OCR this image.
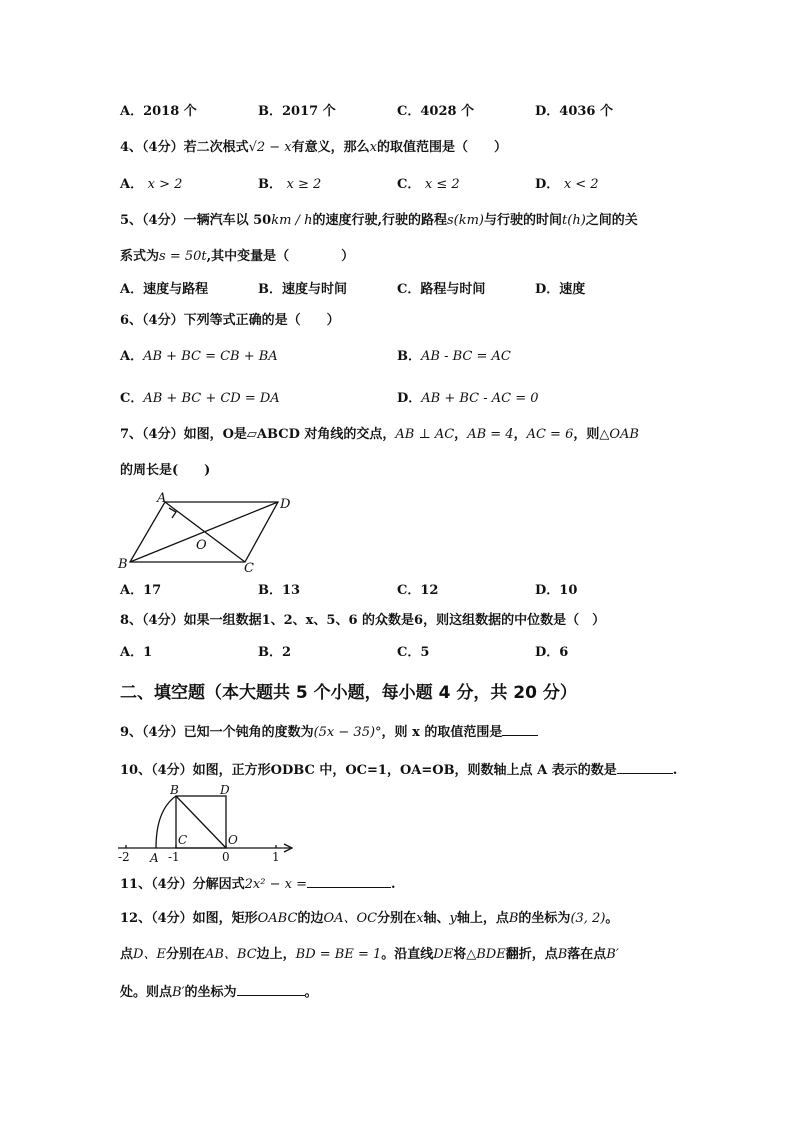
A．2018 个	B．2017 个	C．4028 个	D．4036 个
4、（4分）若二次根式√2 − x有意义，那么x的取值范围是（　　）
A． x > 2	B． x ≥ 2	C． x ≤ 2	D． x < 2
5、（4分）一辆汽车以 50km / h的速度行驶,行驶的路程s(km)与行驶的时间t(h)之间的关
系式为s = 50t,其中变量是（　　　　）
A．速度与路程	B．速度与时间	C．路程与时间	D．速度
6、（4分）下列等式正确的是（　　）
A．AB + BC = CB + BA	B．AB - BC = AC
C．AB + BC + CD = DA	D．AB + BC - AC = 0
7、（4分）如图，O是▱ABCD 对角线的交点，AB ⊥ AC，AB = 4，AC = 6，则△OAB
的周长是(　　)
A	D
B	C
O
A．17	B．13	C．12	D．10
8、（4分）如果一组数据1、2、x、5、6 的众数是6，则这组数据的中位数是（　）
A．1	B．2	C．5	D．6
二、填空题（本大题共 5 个小题，每小题 4 分，共 20 分）
9、（4分）已知一个钝角的度数为(5x − 35)°，则 x 的取值范围是
10、（4分）如图，正方形ODBC 中，OC=1，OA=OB，则数轴上点 A 表示的数是	.
B	D
C	O
A
-2	-1	0	1
11、（4分）分解因式2x² − x =	.
12、（4分）如图，矩形OABC的边OA、OC分别在x轴、y轴上，点B的坐标为(3, 2)。
点D、E分别在AB、BC边上，BD = BE = 1。沿直线DE将△BDE翻折，点B落在点B′
处。则点B′的坐标为	。
